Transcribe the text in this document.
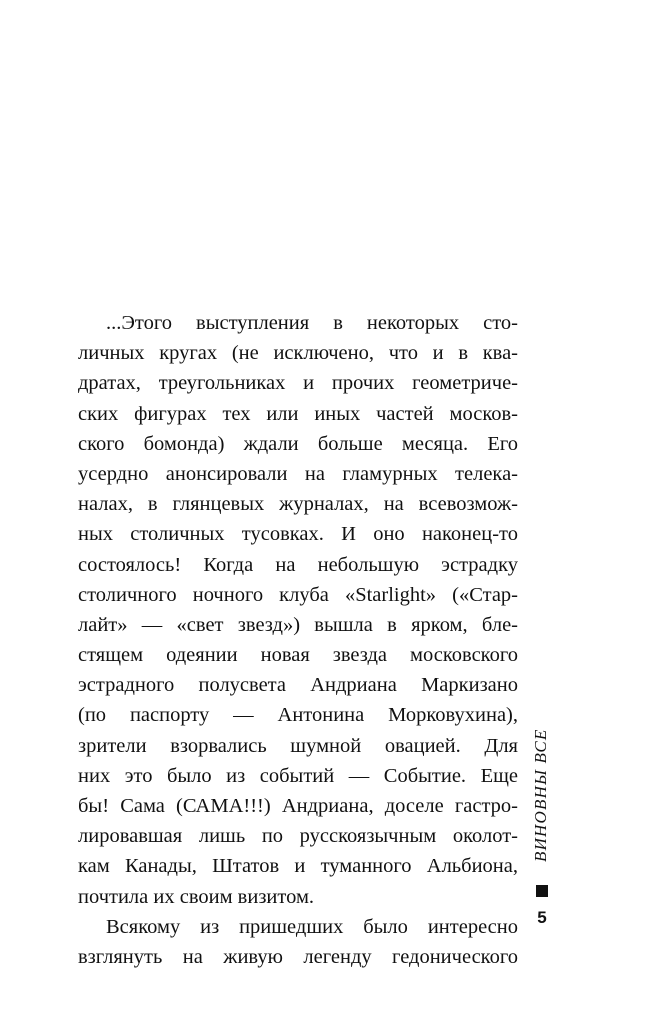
...Этого выступления в некоторых сто-
личных кругах (не исключено, что и в ква-
дратах, треугольниках и прочих геометриче-
ских фигурах тех или иных частей москов-
ского бомонда) ждали больше месяца. Его
усердно анонсировали на гламурных телека-
налах, в глянцевых журналах, на всевозмож-
ных столичных тусовках. И оно наконец-то
состоялось! Когда на небольшую эстрадку
столичного ночного клуба «Starlight» («Стар-
лайт» — «свет звезд») вышла в ярком, бле-
стящем одеянии новая звезда московского
эстрадного полусвета Андриана Маркизано
(по паспорту — Антонина Морковухина),
зрители взорвались шумной овацией. Для
них это было из событий — Событие. Еще
бы! Сама (САМА!!!) Андриана, доселе гастро-
лировавшая лишь по русскоязычным околот-
кам Канады, Штатов и туманного Альбиона,
почтила их своим визитом.
Всякому из пришедших было интересно
взглянуть на живую легенду гедонического
ВИНОВНЫ ВСЕ
5
